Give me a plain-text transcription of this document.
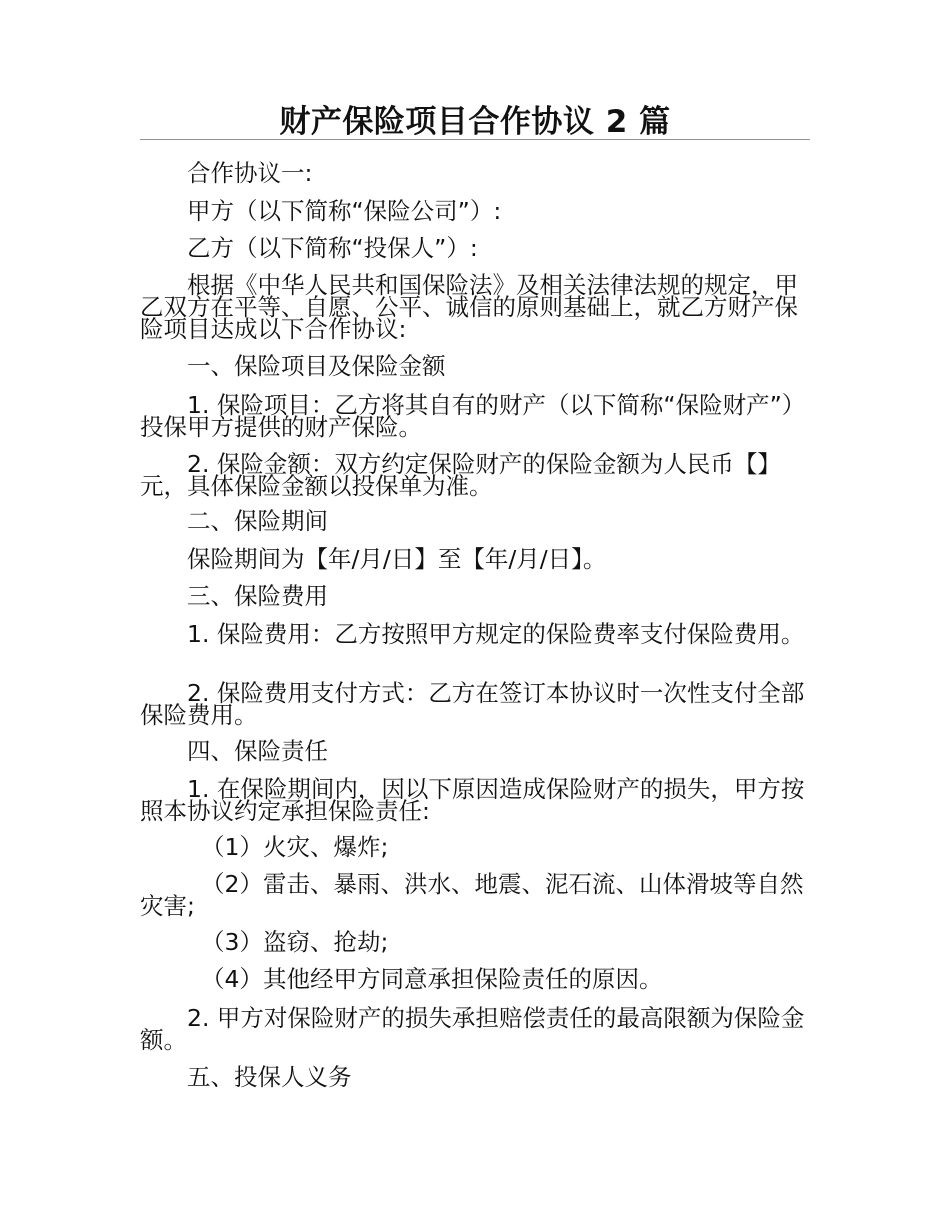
财产保险项目合作协议 2 篇
合作协议一:
甲方（以下简称“保险公司”）:
乙方（以下简称“投保人”）:
根据《中华人民共和国保险法》及相关法律法规的规定，甲乙双方在平等、自愿、公平、诚信的原则基础上，就乙方财产保险项目达成以下合作协议:
一、保险项目及保险金额
1. 保险项目：乙方将其自有的财产（以下简称“保险财产”）投保甲方提供的财产保险。
2. 保险金额：双方约定保险财产的保险金额为人民币【】元，具体保险金额以投保单为准。
二、保险期间
保险期间为【年/月/日】至【年/月/日】。
三、保险费用
1. 保险费用：乙方按照甲方规定的保险费率支付保险费用。
2. 保险费用支付方式：乙方在签订本协议时一次性支付全部保险费用。
四、保险责任
1. 在保险期间内，因以下原因造成保险财产的损失，甲方按照本协议约定承担保险责任:
（1）火灾、爆炸;
（2）雷击、暴雨、洪水、地震、泥石流、山体滑坡等自然灾害;
（3）盗窃、抢劫;
（4）其他经甲方同意承担保险责任的原因。
2. 甲方对保险财产的损失承担赔偿责任的最高限额为保险金额。
五、投保人义务
